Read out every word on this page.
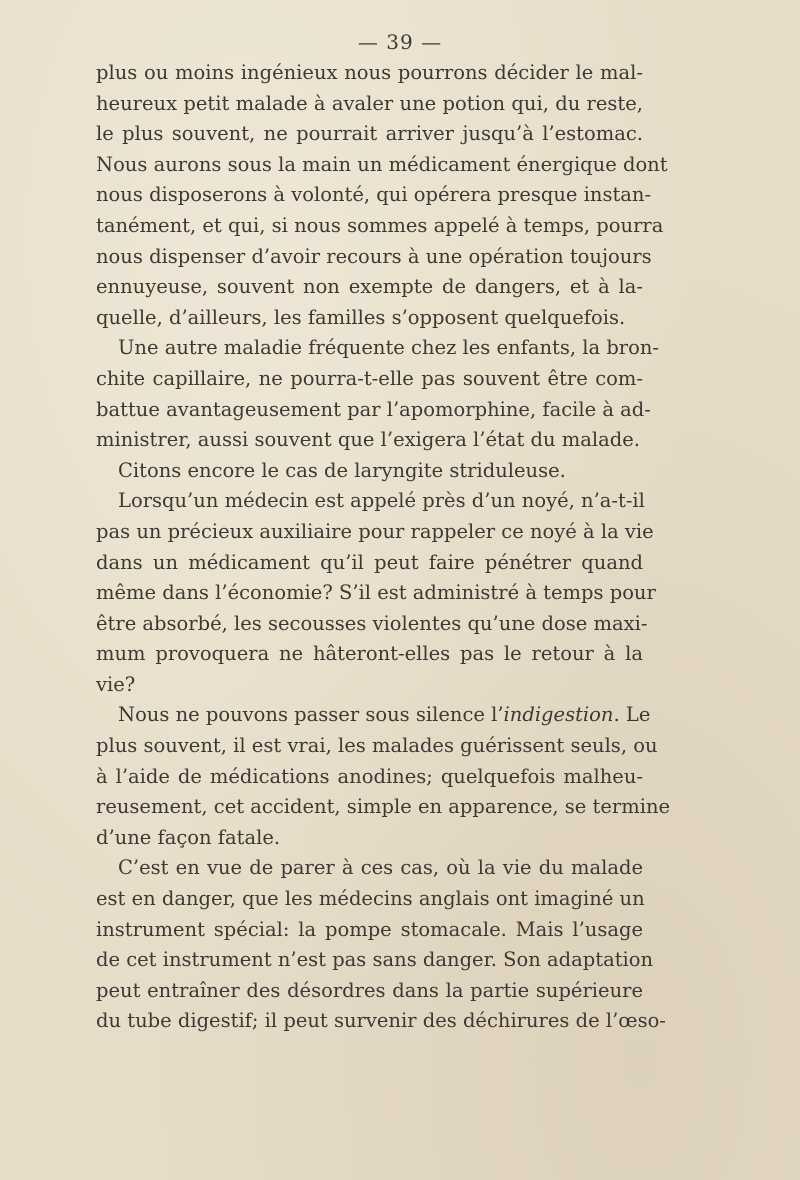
— 39 —
plus ou moins ingénieux nous pourrons décider le mal-
heureux petit malade à avaler une potion qui, du reste,
le plus souvent, ne pourrait arriver jusqu’à l’estomac.
Nous aurons sous la main un médicament énergique dont
nous disposerons à volonté, qui opérera presque instan-
tanément, et qui, si nous sommes appelé à temps, pourra
nous dispenser d’avoir recours à une opération toujours
ennuyeuse, souvent non exempte de dangers, et à la-
quelle, d’ailleurs, les familles s’opposent quelquefois.
Une autre maladie fréquente chez les enfants, la bron-
chite capillaire, ne pourra-t-elle pas souvent être com-
battue avantageusement par l’apomorphine, facile à ad-
ministrer, aussi souvent que l’exigera l’état du malade.
Citons encore le cas de laryngite striduleuse.
Lorsqu’un médecin est appelé près d’un noyé, n’a-t-il
pas un précieux auxiliaire pour rappeler ce noyé à la vie
dans un médicament qu’il peut faire pénétrer quand
même dans l’économie? S’il est administré à temps pour
être absorbé, les secousses violentes qu’une dose maxi-
mum provoquera ne hâteront-elles pas le retour à la
vie?
Nous ne pouvons passer sous silence l’indigestion. Le
plus souvent, il est vrai, les malades guérissent seuls, ou
à l’aide de médications anodines; quelquefois malheu-
reusement, cet accident, simple en apparence, se termine
d’une façon fatale.
C’est en vue de parer à ces cas, où la vie du malade
est en danger, que les médecins anglais ont imaginé un
instrument spécial: la pompe stomacale. Mais l’usage
de cet instrument n’est pas sans danger. Son adaptation
peut entraîner des désordres dans la partie supérieure
du tube digestif; il peut survenir des déchirures de l’œso-
